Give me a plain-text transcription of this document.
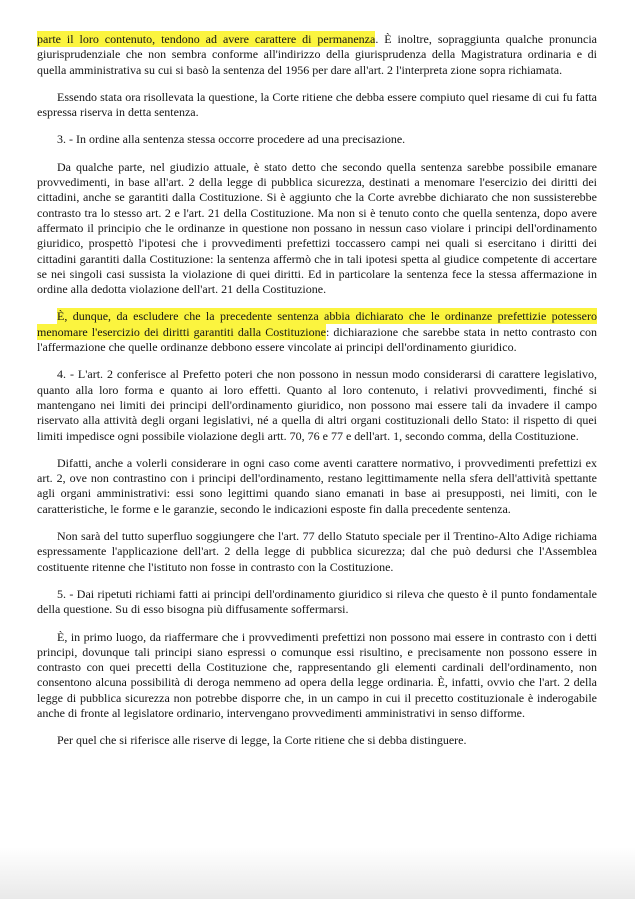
parte il loro contenuto, tendono ad avere carattere di permanenza. È inoltre, sopraggiunta qualche pronuncia giurisprudenziale che non sembra conforme all'indirizzo della giurisprudenza della Magistratura ordinaria e di quella amministrativa su cui si basò la sentenza del 1956 per dare all'art. 2 l'interpreta zione sopra richiamata.

Essendo stata ora risollevata la questione, la Corte ritiene che debba essere compiuto quel riesame di cui fu fatta espressa riserva in detta sentenza.

3. - In ordine alla sentenza stessa occorre procedere ad una precisazione.

Da qualche parte, nel giudizio attuale, è stato detto che secondo quella sentenza sarebbe possibile emanare provvedimenti, in base all'art. 2 della legge di pubblica sicurezza, destinati a menomare l'esercizio dei diritti dei cittadini, anche se garantiti dalla Costituzione. Si è aggiunto che la Corte avrebbe dichiarato che non sussisterebbe contrasto tra lo stesso art. 2 e l'art. 21 della Costituzione. Ma non si è tenuto conto che quella sentenza, dopo avere affermato il principio che le ordinanze in questione non possano in nessun caso violare i principi dell'ordinamento giuridico, prospettò l'ipotesi che i provvedimenti prefettizi toccassero campi nei quali si esercitano i diritti dei cittadini garantiti dalla Costituzione: la sentenza affermò che in tali ipotesi spetta al giudice competente di accertare se nei singoli casi sussista la violazione di quei diritti. Ed in particolare la sentenza fece la stessa affermazione in ordine alla dedotta violazione dell'art. 21 della Costituzione.

È, dunque, da escludere che la precedente sentenza abbia dichiarato che le ordinanze prefettizie potessero menomare l'esercizio dei diritti garantiti dalla Costituzione: dichiarazione che sarebbe stata in netto contrasto con l'affermazione che quelle ordinanze debbono essere vincolate ai principi dell'ordinamento giuridico.

4. - L'art. 2 conferisce al Prefetto poteri che non possono in nessun modo considerarsi di carattere legislativo, quanto alla loro forma e quanto ai loro effetti. Quanto al loro contenuto, i relativi provvedimenti, finché si mantengano nei limiti dei principi dell'ordinamento giuridico, non possono mai essere tali da invadere il campo riservato alla attività degli organi legislativi, né a quella di altri organi costituzionali dello Stato: il rispetto di quei limiti impedisce ogni possibile violazione degli artt. 70, 76 e 77 e dell'art. 1, secondo comma, della Costituzione.

Difatti, anche a volerli considerare in ogni caso come aventi carattere normativo, i provvedimenti prefettizi ex art. 2, ove non contrastino con i principi dell'ordinamento, restano legittimamente nella sfera dell'attività spettante agli organi amministrativi: essi sono legittimi quando siano emanati in base ai presupposti, nei limiti, con le caratteristiche, le forme e le garanzie, secondo le indicazioni esposte fin dalla precedente sentenza.

Non sarà del tutto superfluo soggiungere che l'art. 77 dello Statuto speciale per il Trentino-Alto Adige richiama espressamente l'applicazione dell'art. 2 della legge di pubblica sicurezza; dal che può dedursi che l'Assemblea costituente ritenne che l'istituto non fosse in contrasto con la Costituzione.

5. - Dai ripetuti richiami fatti ai principi dell'ordinamento giuridico si rileva che questo è il punto fondamentale della questione. Su di esso bisogna più diffusamente soffermarsi.

È, in primo luogo, da riaffermare che i provvedimenti prefettizi non possono mai essere in contrasto con i detti principi, dovunque tali principi siano espressi o comunque essi risultino, e precisamente non possono essere in contrasto con quei precetti della Costituzione che, rappresentando gli elementi cardinali dell'ordinamento, non consentono alcuna possibilità di deroga nemmeno ad opera della legge ordinaria. È, infatti, ovvio che l'art. 2 della legge di pubblica sicurezza non potrebbe disporre che, in un campo in cui il precetto costituzionale è inderogabile anche di fronte al legislatore ordinario, intervengano provvedimenti amministrativi in senso difforme.

Per quel che si riferisce alle riserve di legge, la Corte ritiene che si debba distinguere.
